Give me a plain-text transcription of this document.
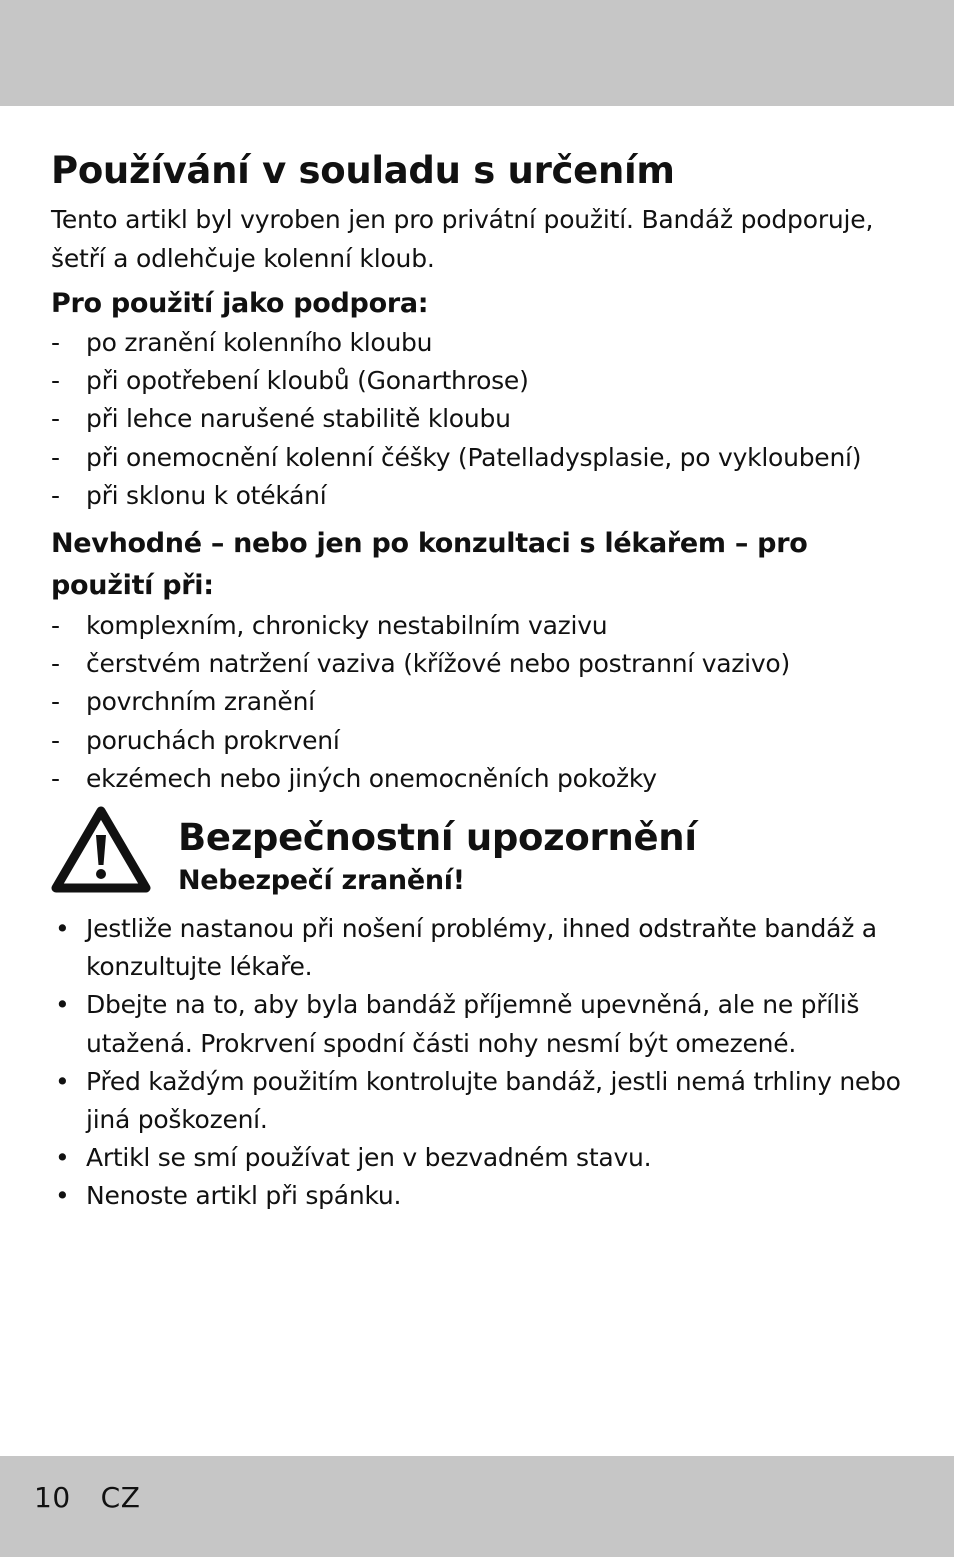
Používání v souladu s určením

Tento artikl byl vyroben jen pro privátní použití. Bandáž podporuje, šetří a odlehčuje kolenní kloub.

Pro použití jako podpora:
- po zranění kolenního kloubu
- při opotřebení kloubů (Gonarthrose)
- při lehce narušené stabilitě kloubu
- při onemocnění kolenní čéšky (Patelladysplasie, po vykloubení)
- při sklonu k otékání
Nevhodné – nebo jen po konzultaci s lékařem – pro použití při:
- komplexním, chronicky nestabilním vazivu
- čerstvém natržení vaziva (křížové nebo postranní vazivo)
- povrchním zranění
- poruchách prokrvení
- ekzémech nebo jiných onemocněních pokožky
Bezpečnostní upozornění
Nebezpečí zranění!
• Jestliže nastanou při nošení problémy, ihned odstraňte bandáž a konzultujte lékaře.
• Dbejte na to, aby byla bandáž příjemně upevněná, ale ne příliš utažená. Prokrvení spodní části nohy nesmí být omezené.
• Před každým použitím kontrolujte bandáž, jestli nemá trhliny nebo jiná poškození.
• Artikl se smí používat jen v bezvadném stavu.
• Nenoste artikl při spánku.
10 CZ
